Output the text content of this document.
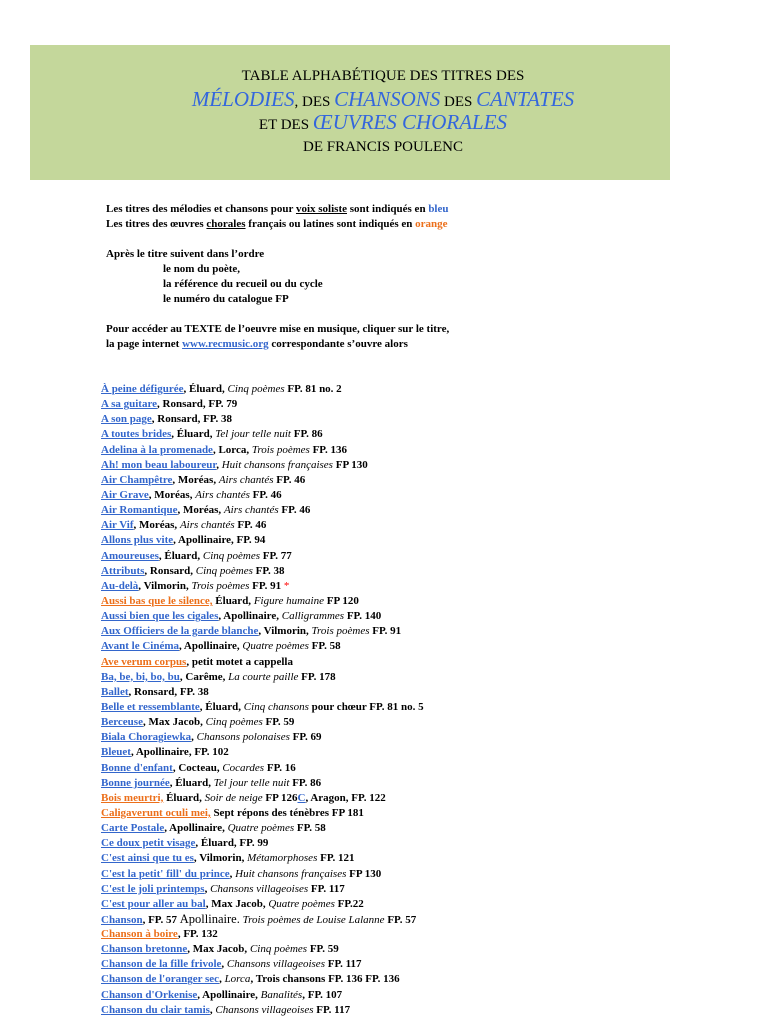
TABLE ALPHABÉTIQUE DES TITRES DES
MÉLODIES, DES CHANSONS DES CANTATES
ET DES ŒUVRES CHORALES
DE FRANCIS POULENC
Les titres des mélodies et chansons pour voix soliste sont indiqués en bleu
Les titres des œuvres chorales français ou latines sont indiqués en orange
Après le titre suivent dans l’ordre
le nom du poète,
la référence du recueil ou du cycle
le numéro du catalogue FP
Pour accéder au TEXTE de l’oeuvre mise en musique, cliquer sur le titre,
la page internet www.recmusic.org correspondante s’ouvre alors
À peine défigurée, Éluard, Cinq poèmes FP. 81 no. 2
A sa guitare, Ronsard, FP. 79
A son page, Ronsard, FP. 38
A toutes brides, Éluard, Tel jour telle nuit FP. 86
Adelina à la promenade, Lorca, Trois poèmes FP. 136
Ah! mon beau laboureur, Huit chansons françaises FP 130
Air Champêtre, Moréas, Airs chantés FP. 46
Air Grave, Moréas, Airs chantés FP. 46
Air Romantique, Moréas, Airs chantés FP. 46
Air Vif, Moréas, Airs chantés FP. 46
Allons plus vite, Apollinaire, FP. 94
Amoureuses, Éluard, Cinq poèmes FP. 77
Attributs, Ronsard, Cinq poèmes FP. 38
Au-delà, Vilmorin, Trois poèmes FP. 91 *
Aussi bas que le silence, Éluard, Figure humaine FP 120
Aussi bien que les cigales, Apollinaire, Calligrammes FP. 140
Aux Officiers de la garde blanche, Vilmorin, Trois poèmes FP. 91
Avant le Cinéma, Apollinaire, Quatre poèmes FP. 58
Ave verum corpus, petit motet a cappella
Ba, be, bi, bo, bu, Carême, La courte paille FP. 178
Ballet, Ronsard, FP. 38
Belle et ressemblante, Éluard, Cinq chansons pour chœur FP. 81 no. 5
Berceuse, Max Jacob, Cinq poèmes FP. 59
Biala Choragiewka, Chansons polonaises FP. 69
Bleuet, Apollinaire, FP. 102
Bonne d'enfant, Cocteau, Cocardes FP. 16
Bonne journée, Éluard, Tel jour telle nuit FP. 86
Bois meurtri, Éluard, Soir de neige FP 126C, Aragon, FP. 122
Caligaverunt oculi mei, Sept répons des ténèbres FP 181
Carte Postale, Apollinaire, Quatre poèmes FP. 58
Ce doux petit visage, Éluard, FP. 99
C'est ainsi que tu es, Vilmorin, Métamorphoses FP. 121
C'est la petit' fill' du prince, Huit chansons françaises FP 130
C'est le joli printemps, Chansons villageoises FP. 117
C'est pour aller au bal, Max Jacob, Quatre poèmes FP.22
Chanson, FP. 57 Apollinaire. Trois poèmes de Louise Lalanne FP. 57
Chanson à boire, FP. 132
Chanson bretonne, Max Jacob, Cinq poèmes FP. 59
Chanson de la fille frivole, Chansons villageoises FP. 117
Chanson de l'oranger sec, Lorca, Trois chansons FP. 136 FP. 136
Chanson d'Orkenise, Apollinaire, Banalités, FP. 107
Chanson du clair tamis, Chansons villageoises FP. 117
